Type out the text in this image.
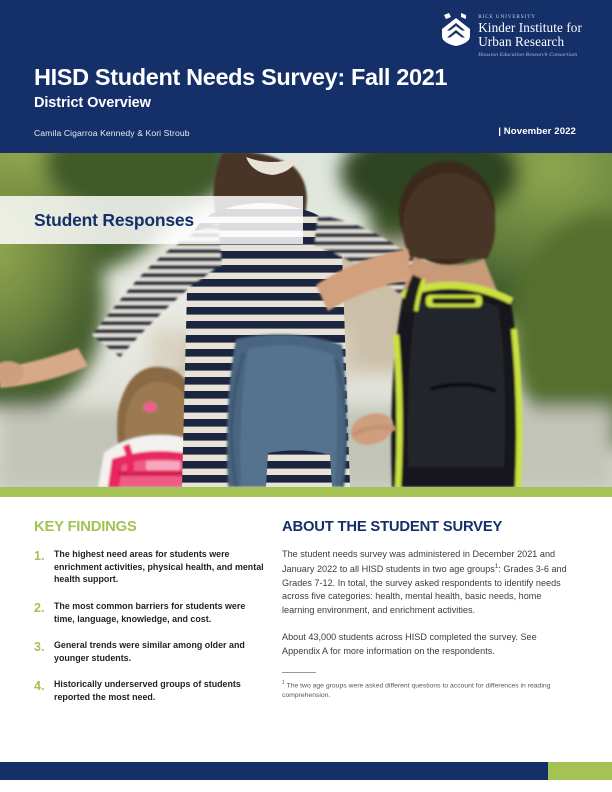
RICE UNIVERSITY
Kinder Institute for
Urban Research
Houston Education Research Consortium
HISD Student Needs Survey: Fall 2021
District Overview
Camila Cigarroa Kennedy & Kori Stroub	| November 2022
Student Responses
KEY FINDINGS
1.	The highest need areas for students were enrichment activities, physical health, and mental health support.
2.	The most common barriers for students were time, language, knowledge, and cost.
3.	General trends were similar among older and younger students.
4.	Historically underserved groups of students reported the most need.
ABOUT THE STUDENT SURVEY
The student needs survey was administered in December 2021 and January 2022 to all HISD students in two age groups$^1$: Grades 3-6 and Grades 7-12. In total, the survey asked respondents to identify needs across five categories: health, mental health, basic needs, home learning environment, and enrichment activities.
About 43,000 students across HISD completed the survey. See Appendix A for more information on the respondents.
$^1$ The two age groups were asked different questions to account for differences in reading comprehension.
